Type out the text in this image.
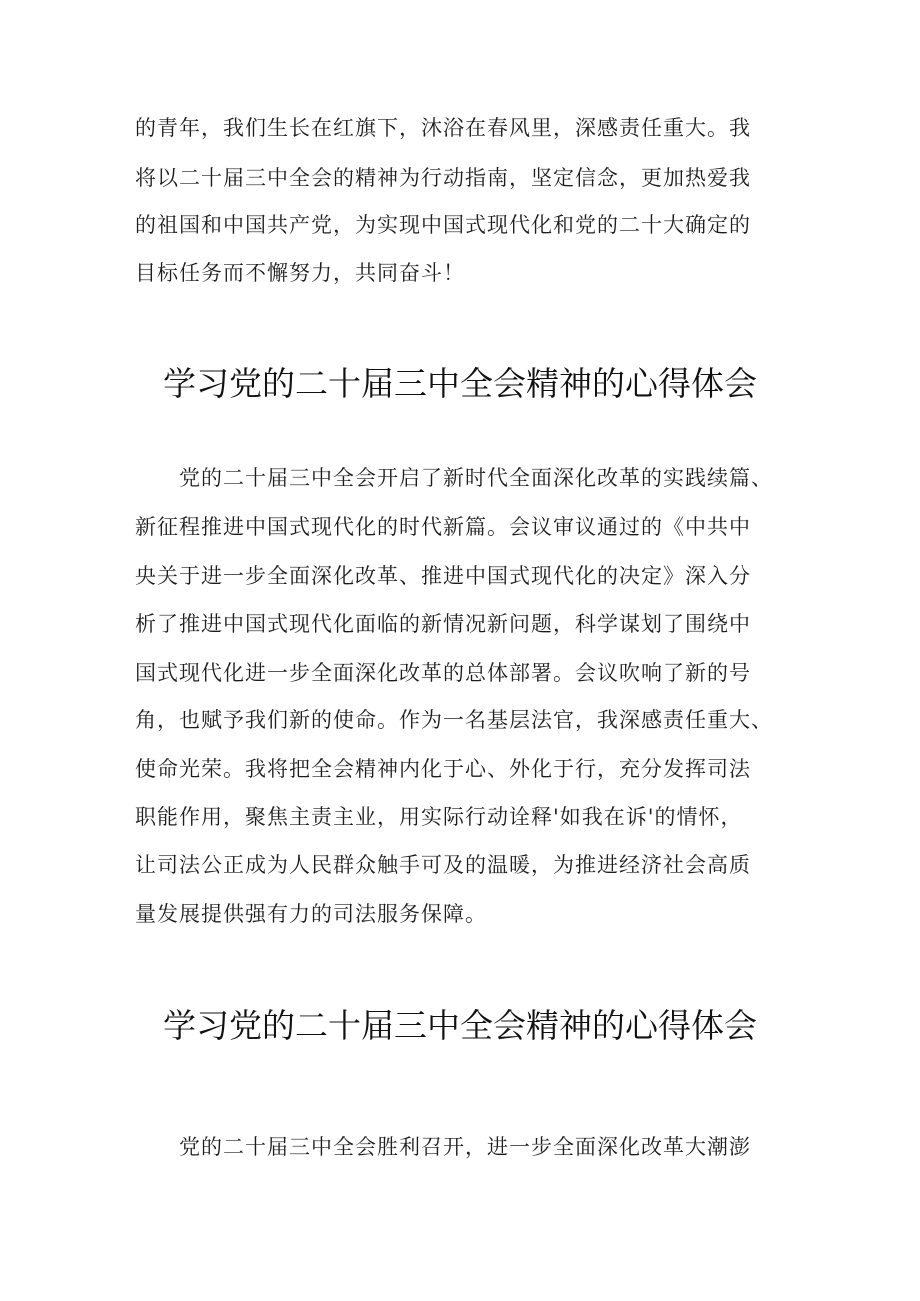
的青年，我们生长在红旗下，沐浴在春风里，深感责任重大。我
将以二十届三中全会的精神为行动指南，坚定信念，更加热爱我
的祖国和中国共产党，为实现中国式现代化和党的二十大确定的
目标任务而不懈努力，共同奋斗！
学习党的二十届三中全会精神的心得体会
　　党的二十届三中全会开启了新时代全面深化改革的实践续篇、
新征程推进中国式现代化的时代新篇。会议审议通过的《中共中
央关于进一步全面深化改革、推进中国式现代化的决定》深入分
析了推进中国式现代化面临的新情况新问题，科学谋划了围绕中
国式现代化进一步全面深化改革的总体部署。会议吹响了新的号
角，也赋予我们新的使命。作为一名基层法官，我深感责任重大、
使命光荣。我将把全会精神内化于心、外化于行，充分发挥司法
职能作用，聚焦主责主业，用实际行动诠释'如我在诉'的情怀，
让司法公正成为人民群众触手可及的温暖，为推进经济社会高质
量发展提供强有力的司法服务保障。
学习党的二十届三中全会精神的心得体会
　　党的二十届三中全会胜利召开，进一步全面深化改革大潮澎
